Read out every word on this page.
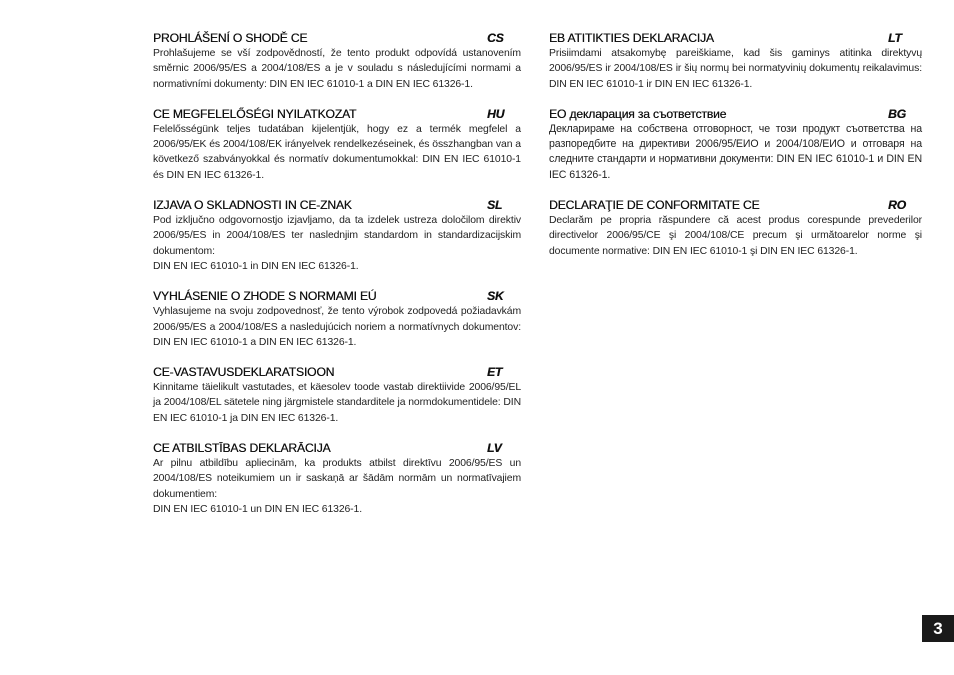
PROHLÁŠENÍ O SHODĚ CE	CS
Prohlašujeme se vší zodpovědností, že tento produkt odpovídá ustanovením směrnic 2006/95/ES a 2004/108/ES a je v souladu s následujícími normami a normativními dokumenty: DIN EN IEC 61010-1 a DIN EN IEC 61326-1.
CE MEGFELELŐSÉGI NYILATKOZAT	HU
Felelősségünk teljes tudatában kijelentjük, hogy ez a termék megfelel a 2006/95/EK és 2004/108/EK irányelvek rendelkezéseinek, és összhangban van a következő szabványokkal és normatív dokumentumokkal: DIN EN IEC 61010-1 és DIN EN IEC 61326-1.
IZJAVA O SKLADNOSTI IN CE-ZNAK	SL
Pod izključno odgovornostjo izjavljamo, da ta izdelek ustreza določilom direktiv 2006/95/ES in 2004/108/ES ter naslednjim standardom in standardizacijskim dokumentom:
DIN EN IEC 61010-1 in DIN EN IEC 61326-1.
VYHLÁSENIE O ZHODE S NORMAMI EÚ	SK
Vyhlasujeme na svoju zodpovednosť, že tento výrobok zodpovedá požiadavkám 2006/95/ES a 2004/108/ES a nasledujúcich noriem a normatívnych dokumentov: DIN EN IEC 61010-1 a DIN EN IEC 61326-1.
CE-VASTAVUSDEKLARATSIOON	ET
Kinnitame täielikult vastutades, et käesolev toode vastab direktiivide 2006/95/EL ja 2004/108/EL sätetele ning järgmistele standarditele ja normdokumentidele: DIN EN IEC 61010-1 ja DIN EN IEC 61326-1.
CE ATBILSTĪBAS DEKLARĀCIJA	LV
Ar pilnu atbildību apliecinām, ka produkts atbilst direktīvu 2006/95/ES un 2004/108/ES noteikumiem un ir saskaņā ar šādām normām un normatīvajiem dokumentiem:
DIN EN IEC 61010-1 un DIN EN IEC 61326-1.
EB ATITIKTIES DEKLARACIJA	LT
Prisiimdami atsakomybę pareiškiame, kad šis gaminys atitinka direktyvų 2006/95/ES ir 2004/108/ES ir šių normų bei normatyvinių dokumentų reikalavimus: DIN EN IEC 61010-1 ir DIN EN IEC 61326-1.
ЕО декларация за съответствие	BG
Декларираме на собствена отговорност, че този продукт съответства на разпоредбите на директиви 2006/95/ЕИО и 2004/108/ЕИО и отговаря на следните стандарти и нормативни документи: DIN EN IEC 61010-1 и DIN EN IEC 61326-1.
DECLARAŢIE DE CONFORMITATE CE	RO
Declarăm pe propria răspundere că acest produs corespunde prevederilor directivelor 2006/95/CE şi 2004/108/CE precum şi următoarelor norme şi documente normative: DIN EN IEC 61010-1 şi DIN EN IEC 61326-1.
3
